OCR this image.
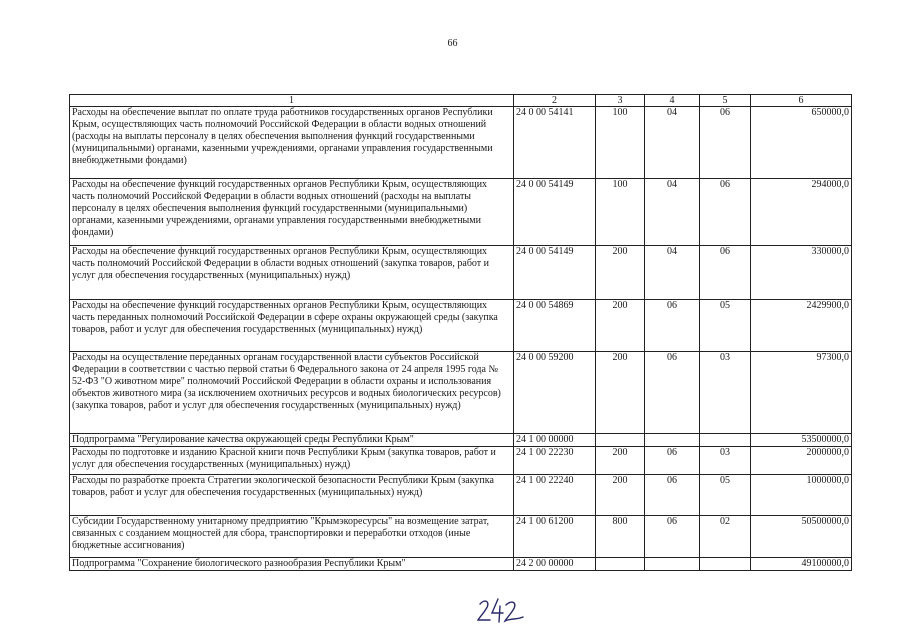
66
1	2	3	4	5	6
Расходы на обеспечение выплат по оплате труда работников государственных органов Республики Крым, осуществляющих часть полномочий Российской Федерации в области водных отношений (расходы на выплаты персоналу в целях обеспечения выполнения функций государственными (муниципальными) органами, казенными учреждениями, органами управления государственными внебюджетными фондами)	24 0 00 54141	100	04	06	650000,0
Расходы на обеспечение функций государственных органов Республики Крым, осуществляющих часть полномочий Российской Федерации в области водных отношений (расходы на выплаты персоналу в целях обеспечения выполнения функций государственными (муниципальными) органами, казенными учреждениями, органами управления государственными внебюджетными фондами)	24 0 00 54149	100	04	06	294000,0
Расходы на обеспечение функций государственных органов Республики Крым, осуществляющих часть полномочий Российской Федерации в области водных отношений (закупка товаров, работ и услуг для обеспечения государственных (муниципальных) нужд)	24 0 00 54149	200	04	06	330000,0
Расходы на обеспечение функций государственных органов Республики Крым, осуществляющих часть переданных полномочий Российской Федерации в сфере охраны окружающей среды (закупка товаров, работ и услуг для обеспечения государственных (муниципальных) нужд)	24 0 00 54869	200	06	05	2429900,0
Расходы на осуществление переданных органам государственной власти субъектов Российской Федерации в соответствии с частью первой статьи 6 Федерального закона от 24 апреля 1995 года № 52-ФЗ "О животном мире" полномочий Российской Федерации в области охраны и использования объектов животного мира (за исключением охотничьих ресурсов и водных биологических ресурсов) (закупка товаров, работ и услуг для обеспечения государственных (муниципальных) нужд)	24 0 00 59200	200	06	03	97300,0
Подпрограмма "Регулирование качества окружающей среды Республики Крым"	24 1 00 00000				53500000,0
Расходы по подготовке и изданию Красной книги почв Республики Крым (закупка товаров, работ и услуг для обеспечения государственных (муниципальных) нужд)	24 1 00 22230	200	06	03	2000000,0
Расходы по разработке проекта Стратегии экологической безопасности Республики Крым (закупка товаров, работ и услуг для обеспечения государственных (муниципальных) нужд)	24 1 00 22240	200	06	05	1000000,0
Субсидии Государственному унитарному предприятию "Крымэкоресурсы" на возмещение затрат, связанных с созданием мощностей для сбора, транспортировки и переработки отходов (иные бюджетные ассигнования)	24 1 00 61200	800	06	02	50500000,0
Подпрограмма "Сохранение биологического разнообразия Республики Крым"	24 2 00 00000				49100000,0
